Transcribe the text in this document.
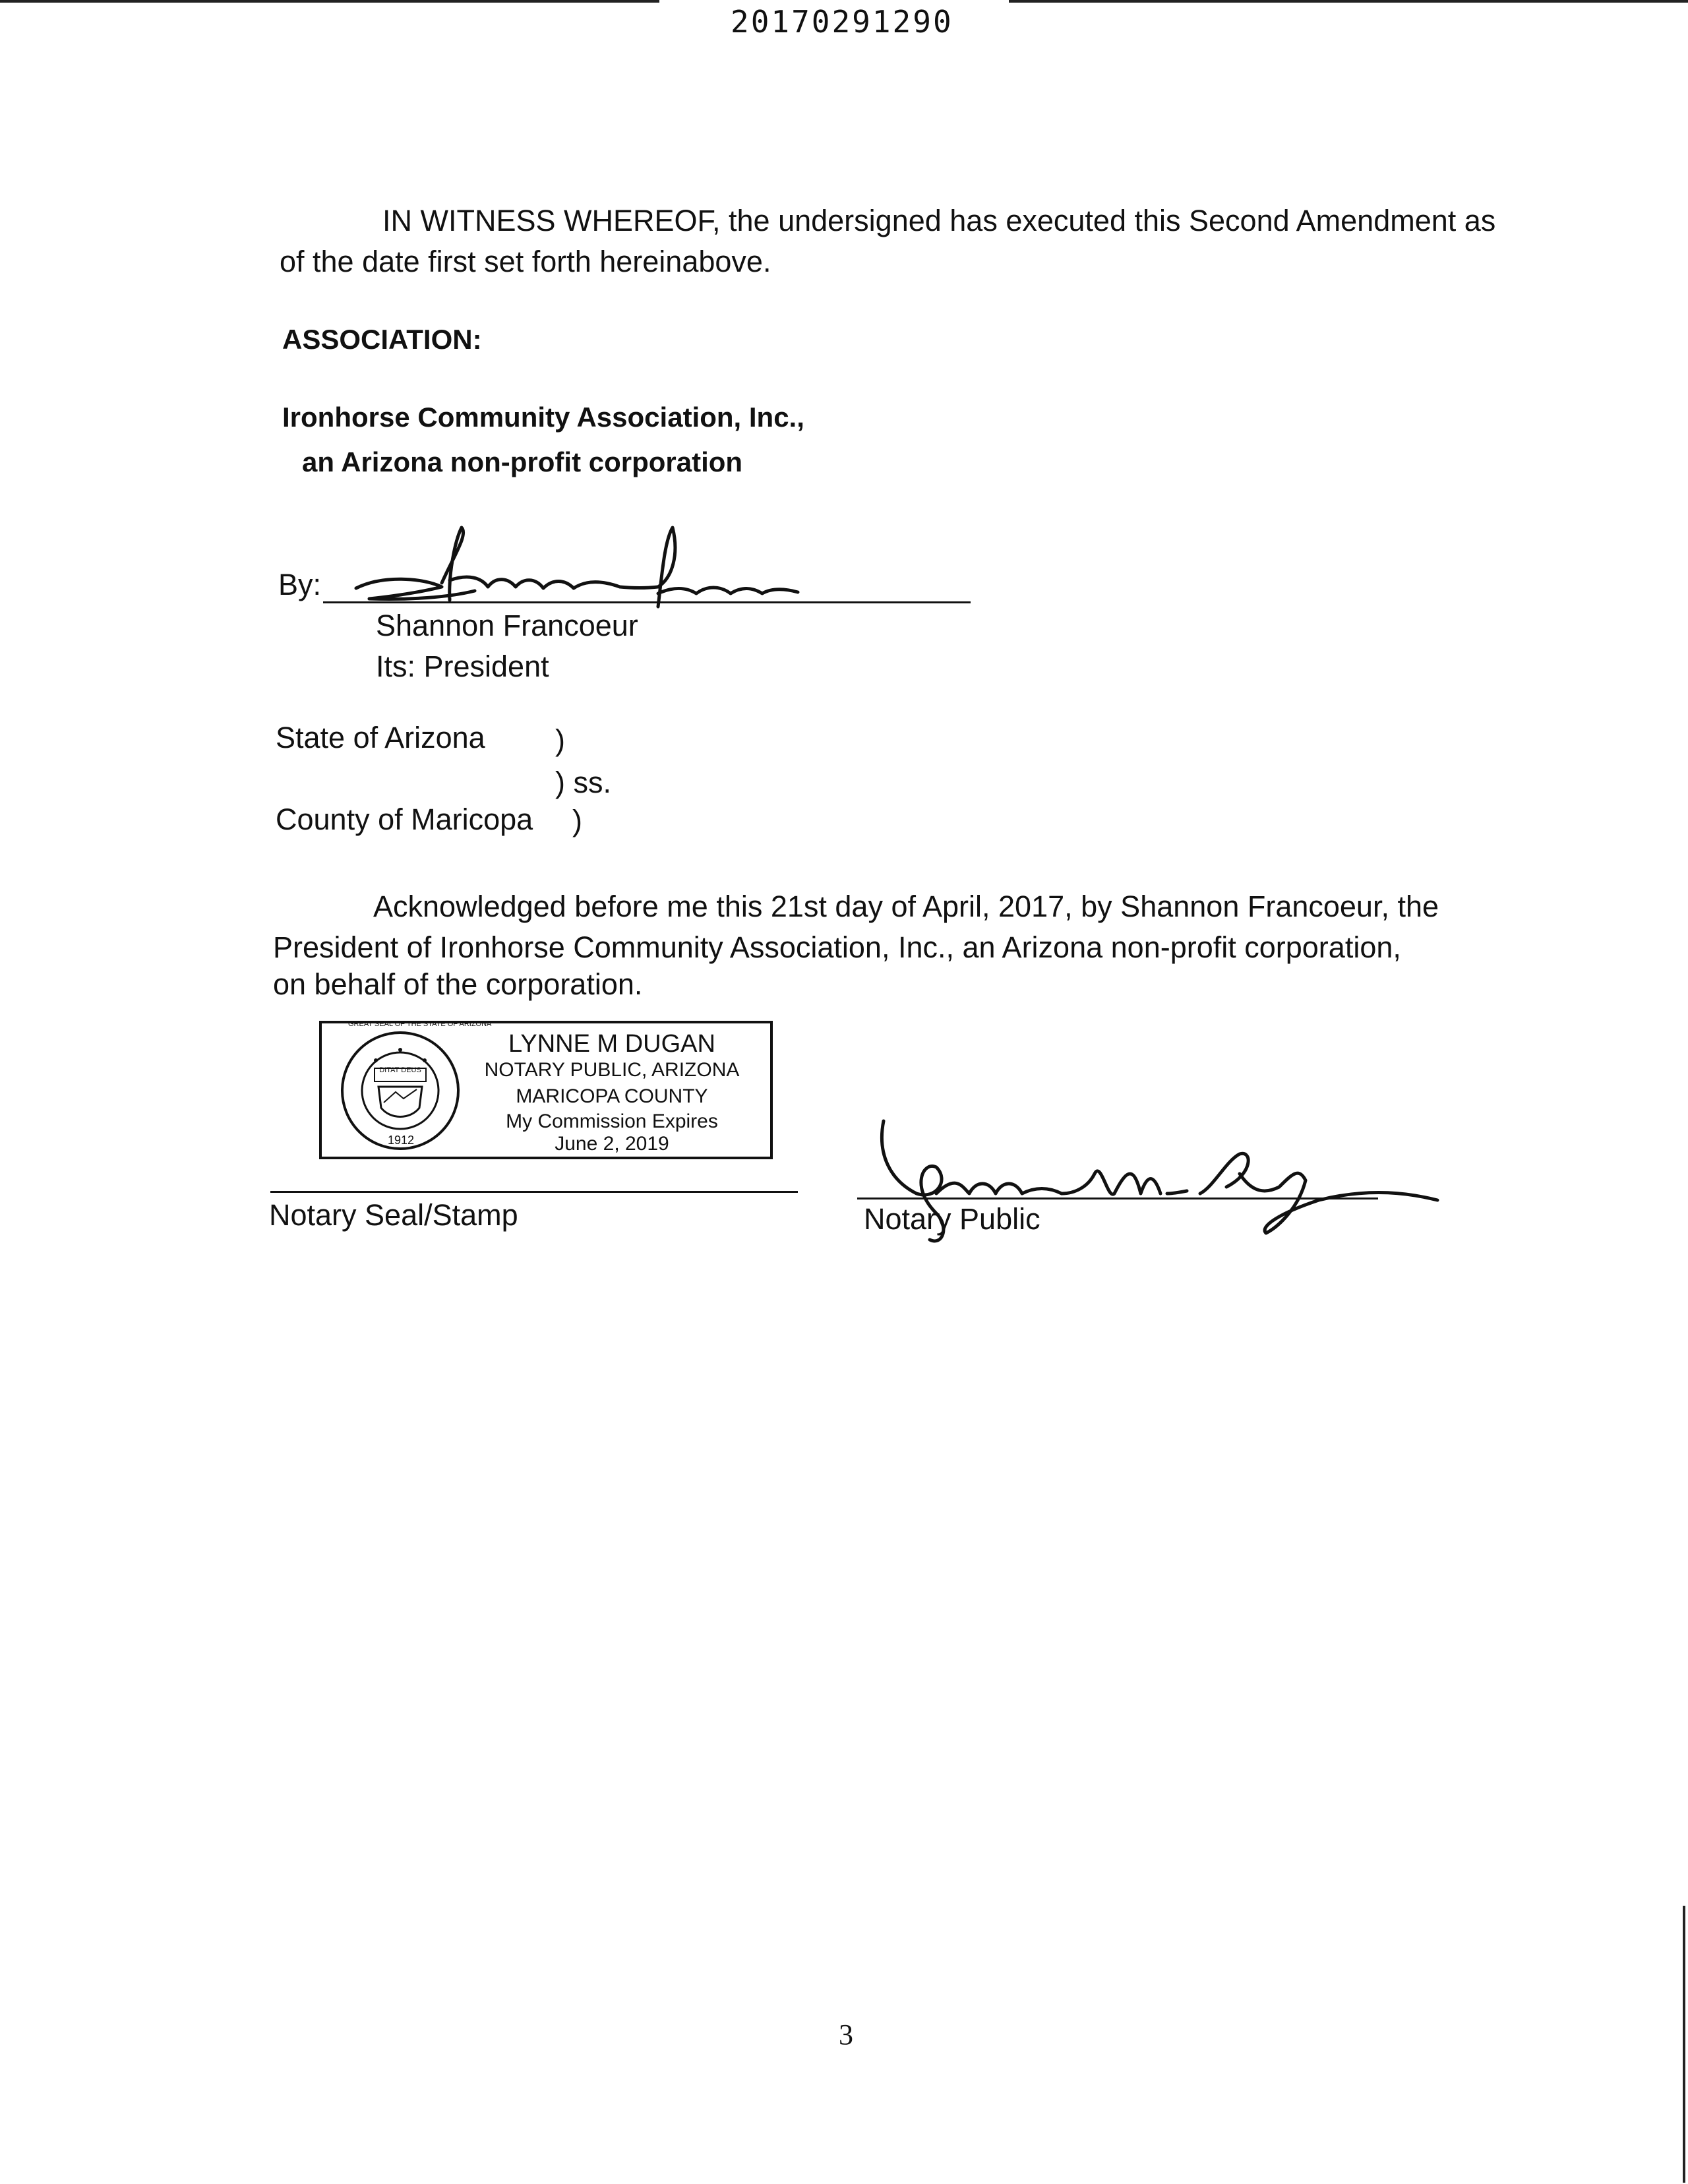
20170291290
IN WITNESS WHEREOF, the undersigned has executed this Second Amendment as
of the date first set forth hereinabove.
ASSOCIATION:
Ironhorse Community Association, Inc.,
an Arizona non-profit corporation
By:
Shannon Francoeur
Its: President
State of Arizona )
) ss.
County of Maricopa )
Acknowledged before me this 21st day of April, 2017, by Shannon Francoeur, the
President of Ironhorse Community Association, Inc., an Arizona non-profit corporation,
on behalf of the corporation.
GREAT SEAL OF THE STATE OF ARIZONA
DITAT DEUS
1912
LYNNE M DUGAN
NOTARY PUBLIC, ARIZONA
MARICOPA COUNTY
My Commission Expires
June 2, 2019
Notary Seal/Stamp	Notary Public
3
